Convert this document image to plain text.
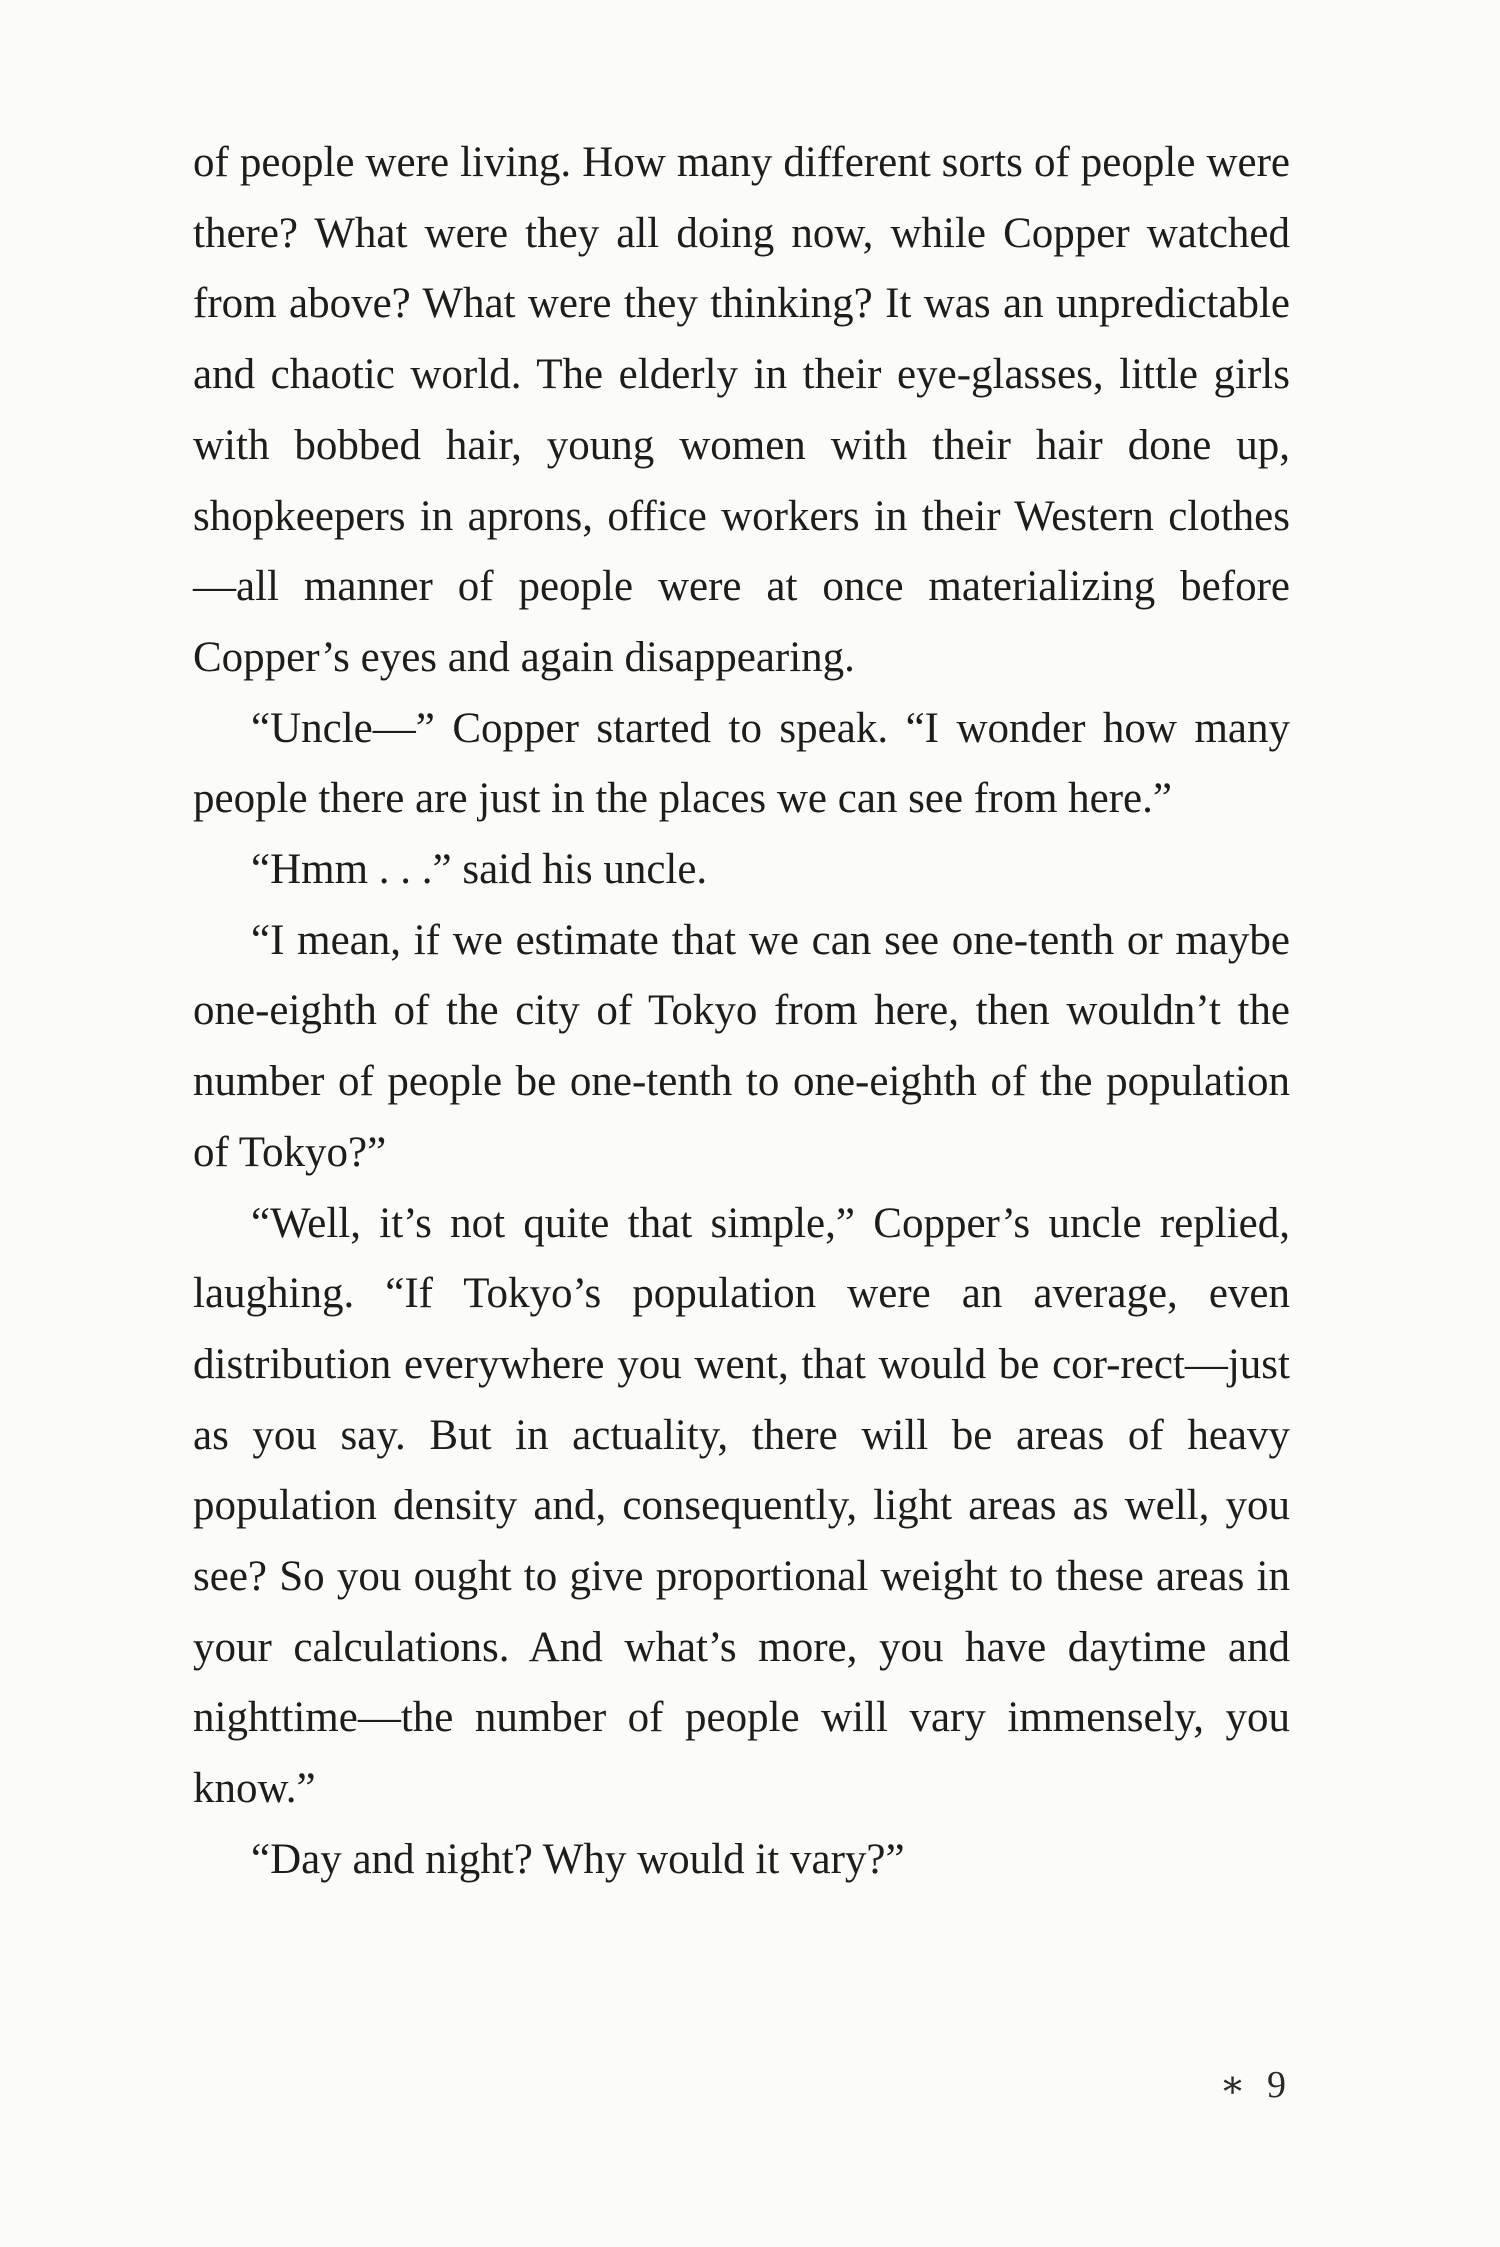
of people were living. How many different sorts of people were there? What were they all doing now, while Copper watched from above? What were they thinking? It was an unpredictable and chaotic world. The elderly in their eye-glasses, little girls with bobbed hair, young women with their hair done up, shopkeepers in aprons, office workers in their Western clothes—all manner of people were at once materializing before Copper’s eyes and again disappearing.

“Uncle—” Copper started to speak. “I wonder how many people there are just in the places we can see from here.”

“Hmm . . .” said his uncle.

“I mean, if we estimate that we can see one-tenth or maybe one-eighth of the city of Tokyo from here, then wouldn’t the number of people be one-tenth to one-eighth of the population of Tokyo?”

“Well, it’s not quite that simple,” Copper’s uncle replied, laughing. “If Tokyo’s population were an average, even distribution everywhere you went, that would be cor-rect—just as you say. But in actuality, there will be areas of heavy population density and, consequently, light areas as well, you see? So you ought to give proportional weight to these areas in your calculations. And what’s more, you have daytime and nighttime—the number of people will vary immensely, you know.”

“Day and night? Why would it vary?”

∗ 9
